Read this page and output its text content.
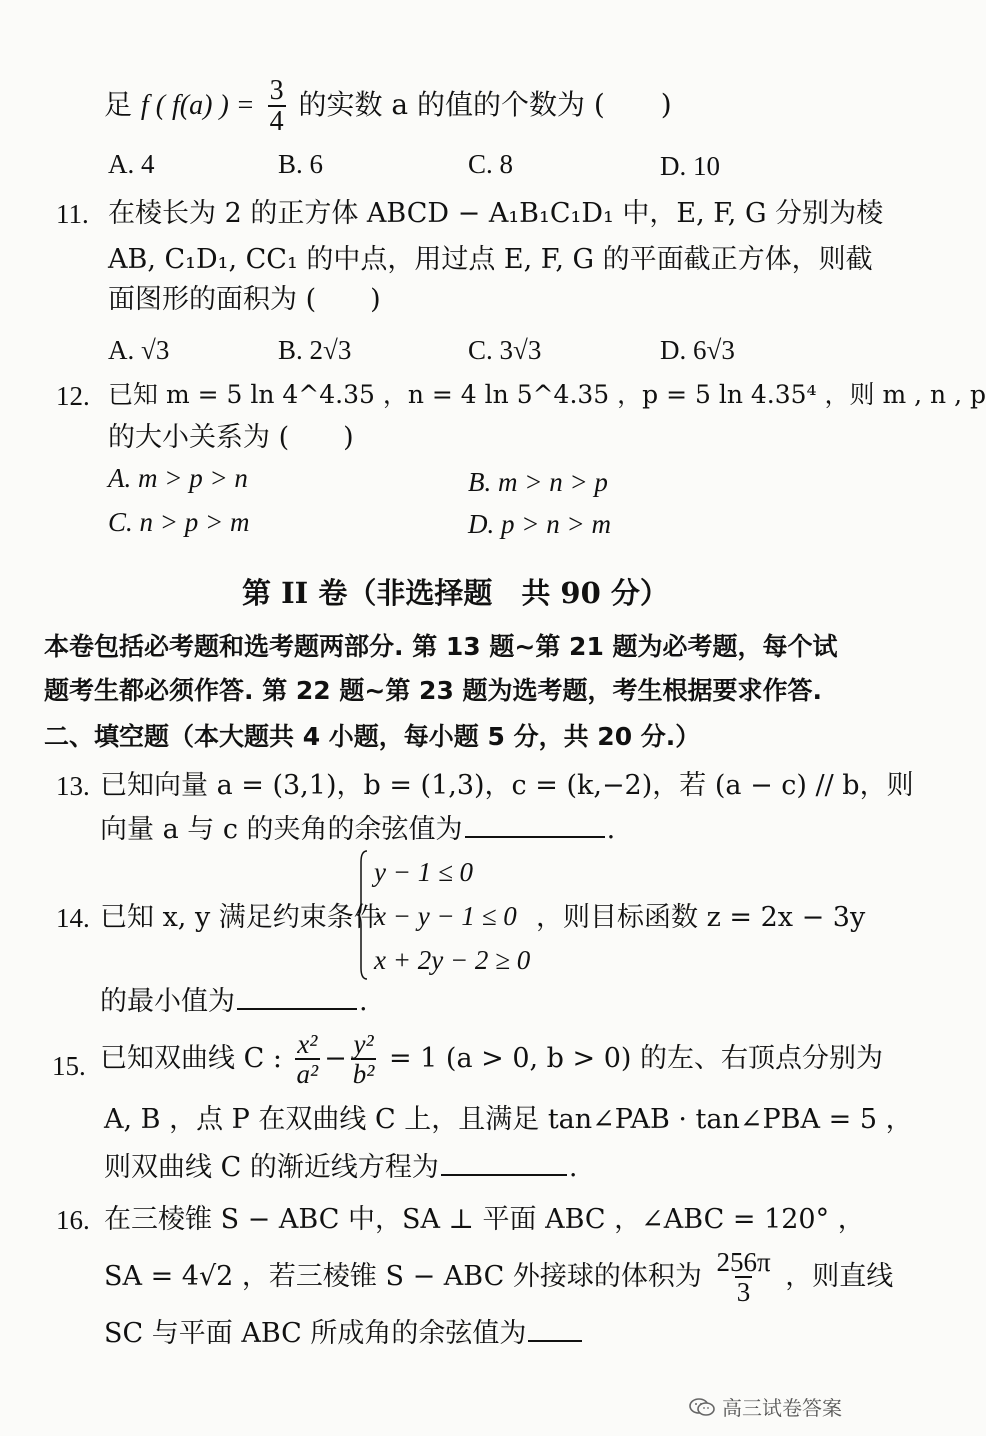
足 f ( f(a) ) = $\frac{3}{4}$ 的实数 a 的值的个数为 (　　)
A. 4	B. 6	C. 8	D. 10
11. 在棱长为 2 的正方体 ABCD − A₁B₁C₁D₁ 中，E, F, G 分别为棱
AB, C₁D₁, CC₁ 的中点，用过点 E, F, G 的平面截正方体，则截
面图形的面积为 (　　)
A. √3	B. 2√3	C. 3√3	D. 6√3
12. 已知 m = 5 ln 4^4.35 ，n = 4 ln 5^4.35 ，p = 5 ln 4.35⁴ ，则 m , n , p
的大小关系为 (　　)
A. m > p > n	B. m > n > p
C. n > p > m	D. p > n > m
第 II 卷（非选择题　共 90 分）
本卷包括必考题和选考题两部分. 第 13 题~第 21 题为必考题，每个试
题考生都必须作答. 第 22 题~第 23 题为选考题，考生根据要求作答.
二、填空题（本大题共 4 小题，每小题 5 分，共 20 分.）
13. 已知向量 a = (3,1)，b = (1,3)，c = (k,−2)，若 (a − c) // b，则
向量 a 与 c 的夹角的余弦值为	.
14. 已知 x, y 满足约束条件
y − 1 ≤ 0
x − y − 1 ≤ 0
x + 2y − 2 ≥ 0
，则目标函数 z = 2x − 3y
的最小值为	.
15. 已知双曲线 C : $\frac{\text{x²}}{\text{a²}} - \frac{\text{y²}}{\text{b²}} = 1$ (a > 0, b > 0) 的左、右顶点分别为
A, B ，点 P 在双曲线 C 上，且满足 tan∠PAB · tan∠PBA = 5 ，
则双曲线 C 的渐近线方程为	.
16. 在三棱锥 S − ABC 中，SA ⊥ 平面 ABC ，∠ABC = 120° ，
SA = 4√2 ，若三棱锥 S − ABC 外接球的体积为 $\frac{256\pi}{3}$ ，则直线
SC 与平面 ABC 所成角的余弦值为
高三试卷答案
